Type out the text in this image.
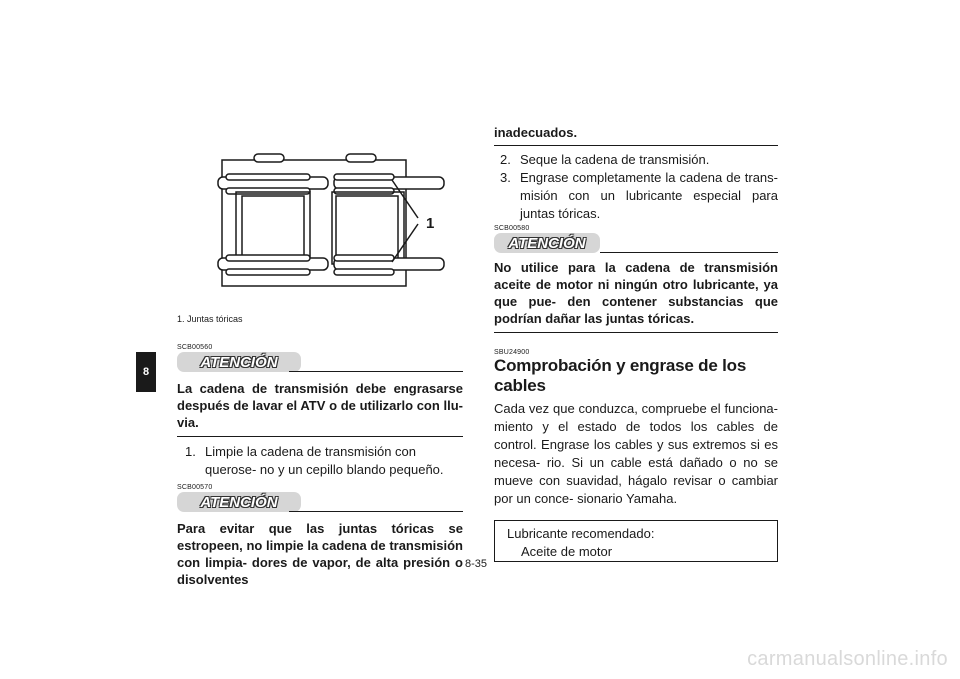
8
1
1. Juntas tóricas
SCB00560
ATENCIÓN
La cadena de transmisión debe engrasarse después de lavar el ATV o de utilizarlo con llu- via.
1. Limpie la cadena de transmisión con querose- no y un cepillo blando pequeño.
SCB00570
ATENCIÓN
Para evitar que las juntas tóricas se estropeen, no limpie la cadena de transmisión con limpia- dores de vapor, de alta presión o disolventes
inadecuados.
2. Seque la cadena de transmisión.
3. Engrase completamente la cadena de trans- misión con un lubricante especial para juntas tóricas.
SCB00580
ATENCIÓN
No utilice para la cadena de transmisión aceite de motor ni ningún otro lubricante, ya que pue- den contener substancias que podrían dañar las juntas tóricas.
SBU24900
Comprobación y engrase de los cables
Cada vez que conduzca, compruebe el funciona- miento y el estado de todos los cables de control. Engrase los cables y sus extremos si es necesa- rio. Si un cable está dañado o no se mueve con suavidad, hágalo revisar o cambiar por un conce- sionario Yamaha.
Lubricante recomendado:
Aceite de motor
8-35
carmanualsonline.info
